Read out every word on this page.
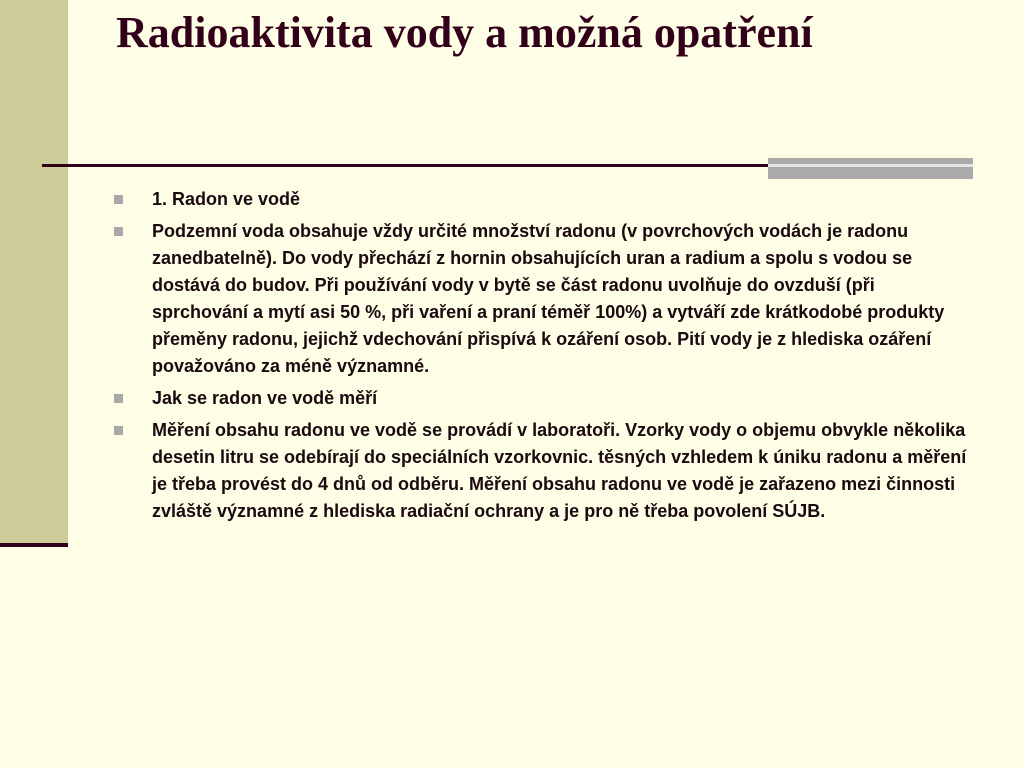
Radioaktivita vody a možná opatření
1. Radon ve vodě
Podzemní voda obsahuje vždy určité množství radonu (v povrchových vodách je radonu zanedbatelně). Do vody přechází z hornin obsahujících uran a radium a spolu s vodou se dostává do budov. Při používání vody v bytě se část radonu uvolňuje do ovzduší (při sprchování a mytí asi 50 %, při vaření a praní téměř 100%) a vytváří zde krátkodobé produkty přeměny radonu, jejichž vdechování přispívá k ozáření osob. Pití vody je z hlediska ozáření považováno za méně významné.
Jak se radon ve vodě měří
Měření obsahu radonu ve vodě se provádí v laboratoři. Vzorky vody o objemu obvykle několika desetin litru se odebírají do speciálních vzorkovnic. těsných vzhledem k úniku radonu a měření je třeba provést do 4 dnů od odběru. Měření obsahu radonu ve vodě je zařazeno mezi činnosti zvláště významné z hlediska radiační ochrany a je pro ně třeba povolení SÚJB.
